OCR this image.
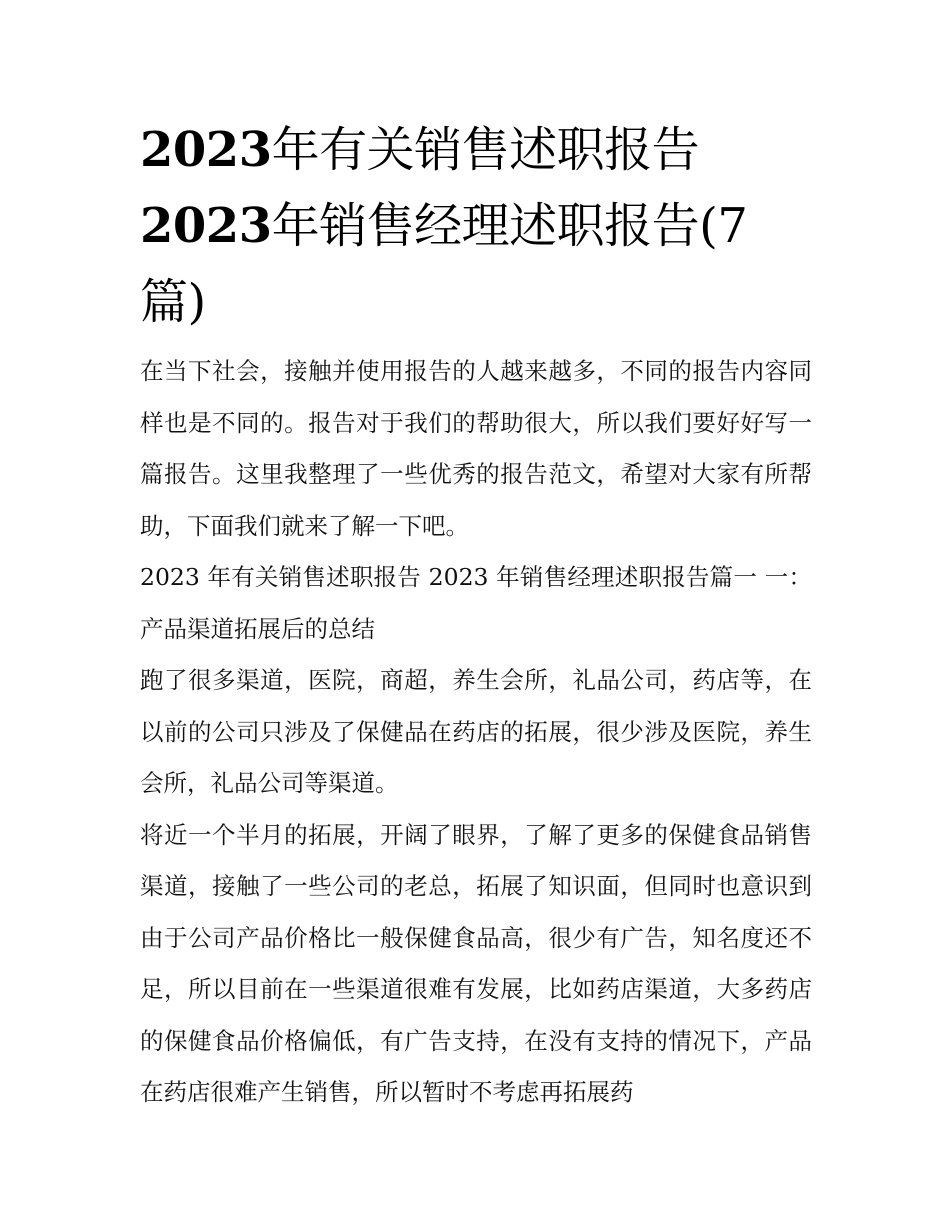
2023年有关销售述职报告
2023年销售经理述职报告(7
篇)

在当下社会，接触并使用报告的人越来越多，不同的报告内容同样也是不同的。报告对于我们的帮助很大，所以我们要好好写一篇报告。这里我整理了一些优秀的报告范文，希望对大家有所帮助，下面我们就来了解一下吧。

2023 年有关销售述职报告 2023 年销售经理述职报告篇一 一：产品渠道拓展后的总结

跑了很多渠道，医院，商超，养生会所，礼品公司，药店等，在以前的公司只涉及了保健品在药店的拓展，很少涉及医院，养生会所，礼品公司等渠道。

将近一个半月的拓展，开阔了眼界，了解了更多的保健食品销售渠道，接触了一些公司的老总，拓展了知识面，但同时也意识到由于公司产品价格比一般保健食品高，很少有广告，知名度还不足，所以目前在一些渠道很难有发展，比如药店渠道，大多药店的保健食品价格偏低，有广告支持，在没有支持的情况下，产品在药店很难产生销售，所以暂时不考虑再拓展药
